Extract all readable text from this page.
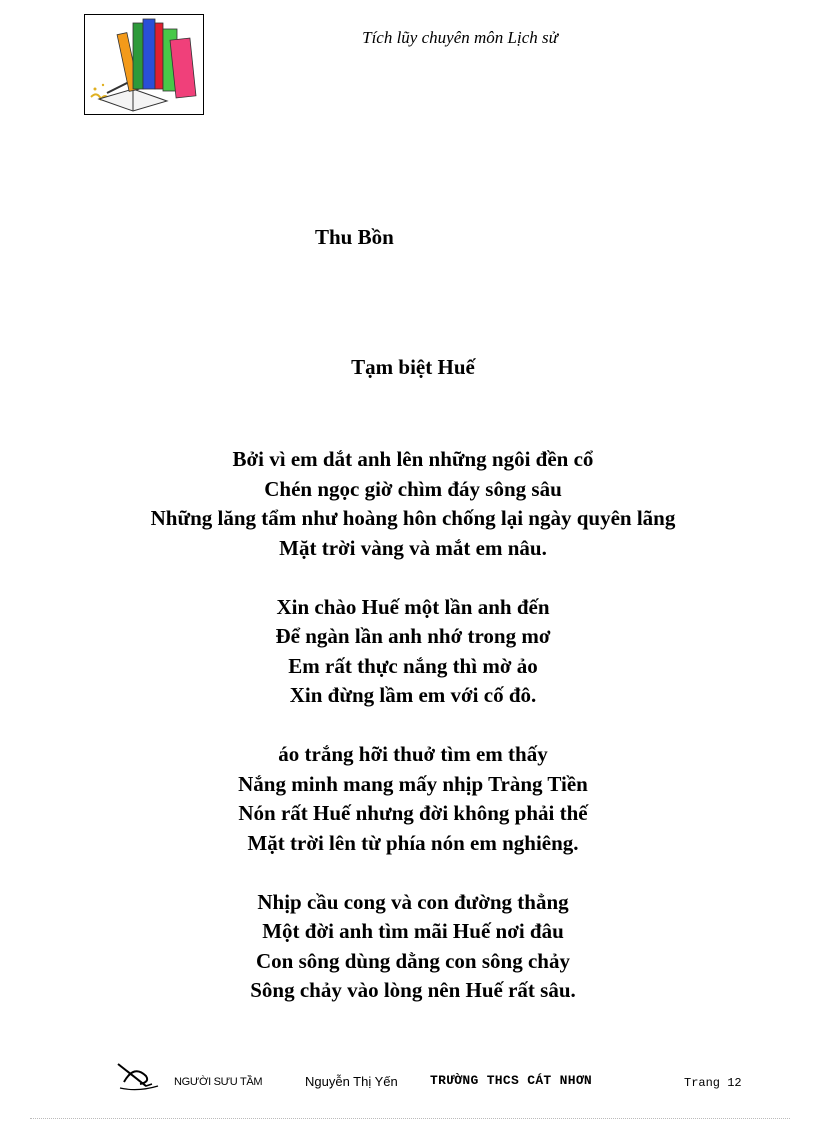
Tích lũy chuyên môn Lịch sử
Thu Bồn
Tạm biệt Huế
Bởi vì em dắt anh lên những ngôi đền cổ
Chén ngọc giờ chìm đáy sông sâu
Những lăng tẩm như hoàng hôn chống lại ngày quyên lãng
Mặt trời vàng và mắt em nâu.
Xin chào Huế một lần anh đến
Để ngàn lần anh nhớ trong mơ
Em rất thực nắng thì mờ ảo
Xin đừng lầm em với cố đô.
áo trắng hỡi thuở tìm em thấy
Nắng minh mang mấy nhịp Tràng Tiền
Nón rất Huế nhưng đời không phải thế
Mặt trời lên từ phía nón em nghiêng.
Nhịp cầu cong và con đường thẳng
Một đời anh tìm mãi Huế nơi đâu
Con sông dùng dằng con sông chảy
Sông chảy vào lòng nên Huế rất sâu.
NGƯỜI SƯU TẦM	Nguyễn Thị Yến TRƯỜNG THCS CÁT NHƠN	Trang 12
